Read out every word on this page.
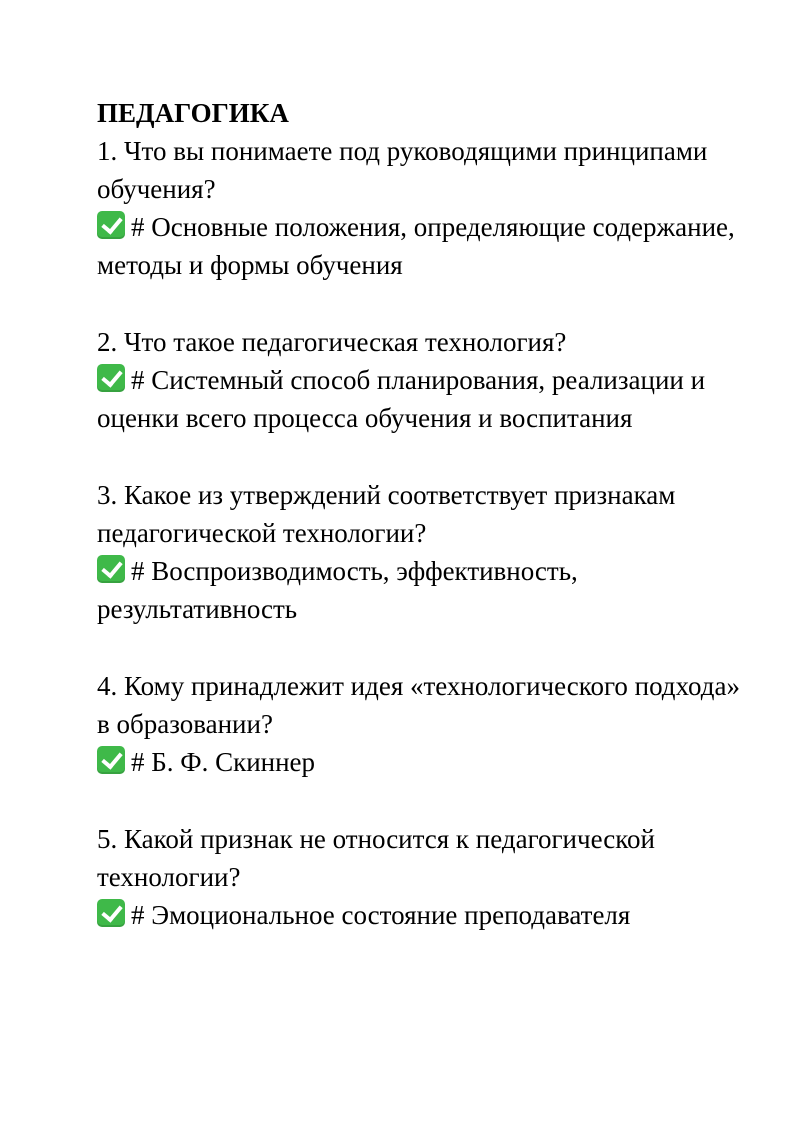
ПЕДАГОГИКА

1. Что вы понимаете под руководящими принципами обучения?

# Основные положения, определяющие содержание, методы и формы обучения

2. Что такое педагогическая технология?

# Системный способ планирования, реализации и оценки всего процесса обучения и воспитания

3. Какое из утверждений соответствует признакам педагогической технологии?

# Воспроизводимость, эффективность, результативность

4. Кому принадлежит идея «технологического подхода» в образовании?

# Б. Ф. Скиннер

5. Какой признак не относится к педагогической технологии?

# Эмоциональное состояние преподавателя
